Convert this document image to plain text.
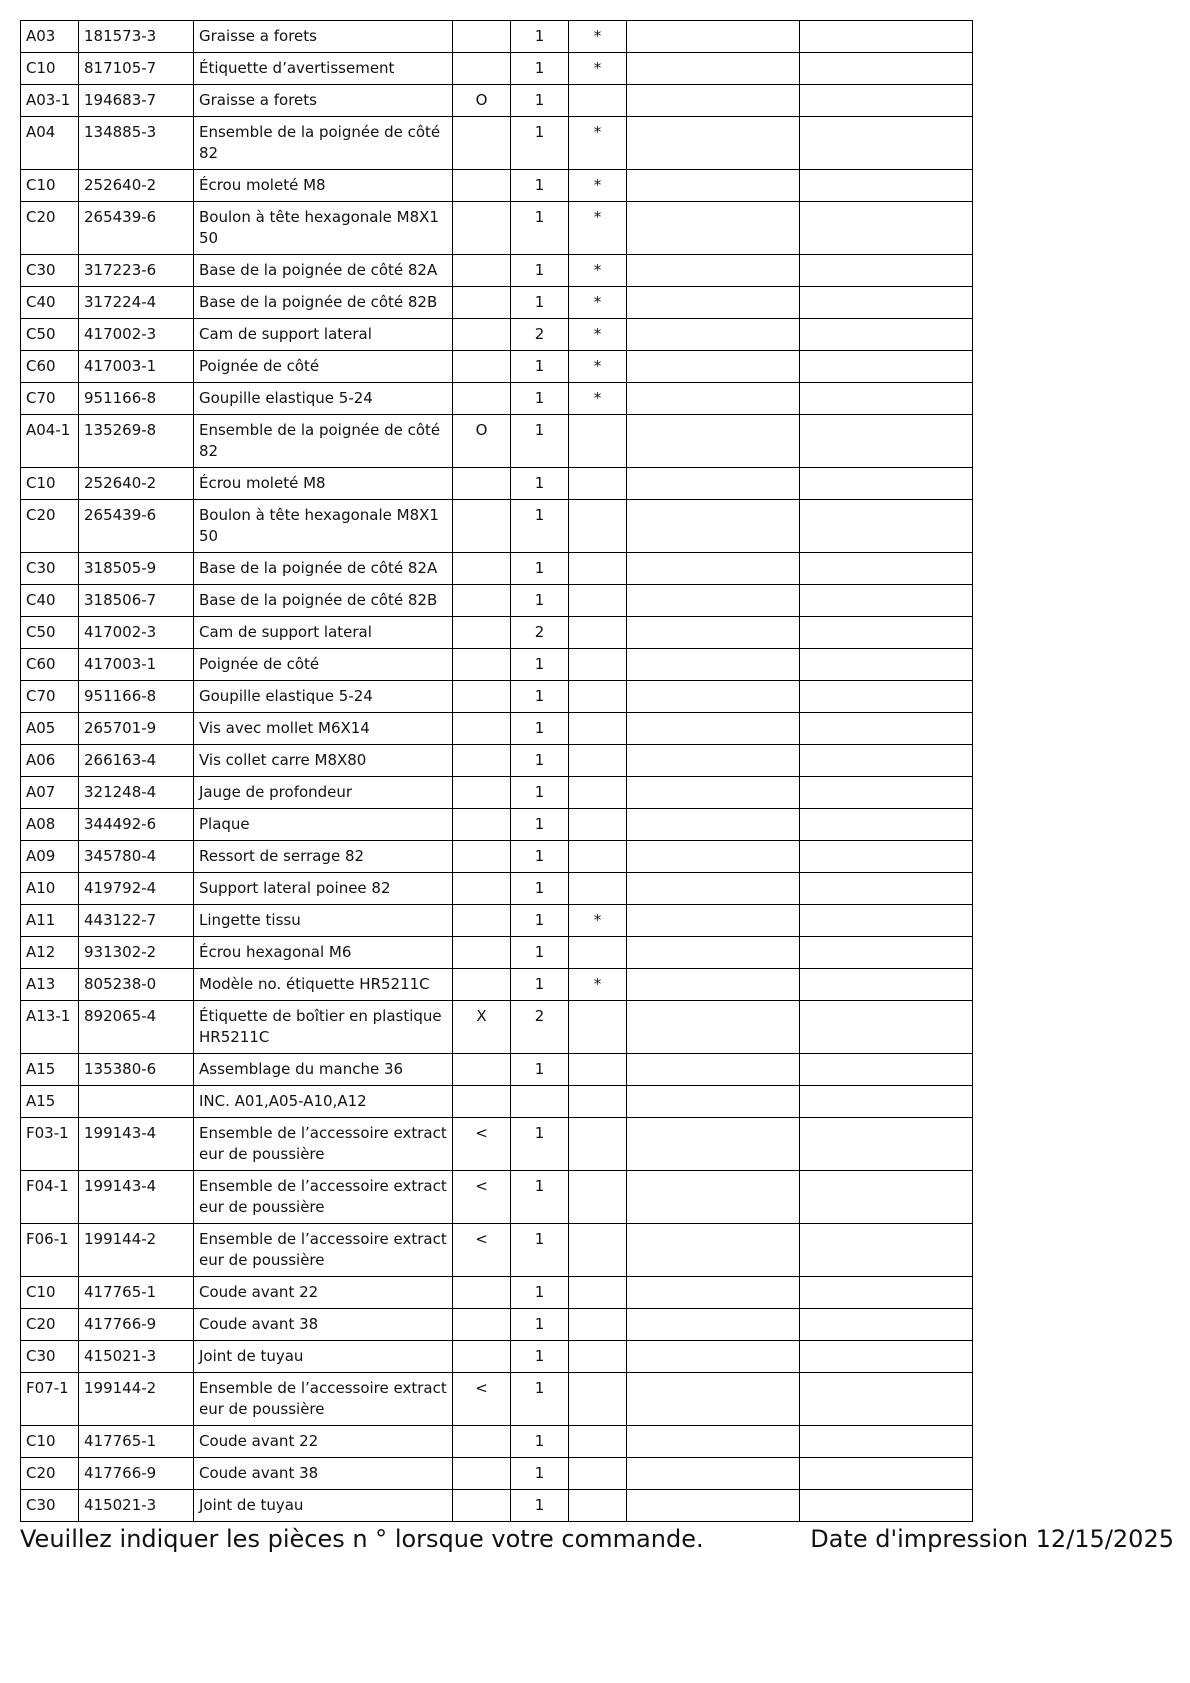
A03	181573-3	Graisse a forets		1	*		
C10	817105-7	Étiquette d’avertissement		1	*		
A03-1	194683-7	Graisse a forets	O	1			
A04	134885-3	Ensemble de la poignée de côté 82		1	*		
C10	252640-2	Écrou moleté M8		1	*		
C20	265439-6	Boulon à tête hexagonale M8X150		1	*		
C30	317223-6	Base de la poignée de côté 82A		1	*		
C40	317224-4	Base de la poignée de côté 82B		1	*		
C50	417002-3	Cam de support lateral		2	*		
C60	417003-1	Poignée de côté		1	*		
C70	951166-8	Goupille elastique 5-24		1	*		
A04-1	135269-8	Ensemble de la poignée de côté 82	O	1			
C10	252640-2	Écrou moleté M8		1			
C20	265439-6	Boulon à tête hexagonale M8X150		1			
C30	318505-9	Base de la poignée de côté 82A		1			
C40	318506-7	Base de la poignée de côté 82B		1			
C50	417002-3	Cam de support lateral		2			
C60	417003-1	Poignée de côté		1			
C70	951166-8	Goupille elastique 5-24		1			
A05	265701-9	Vis avec mollet M6X14		1			
A06	266163-4	Vis collet carre M8X80		1			
A07	321248-4	Jauge de profondeur		1			
A08	344492-6	Plaque		1			
A09	345780-4	Ressort de serrage 82		1			
A10	419792-4	Support lateral poinee 82		1			
A11	443122-7	Lingette tissu		1	*		
A12	931302-2	Écrou hexagonal M6		1			
A13	805238-0	Modèle no. étiquette HR5211C		1	*		
A13-1	892065-4	Étiquette de boîtier en plastique HR5211C	X	2			
A15	135380-6	Assemblage du manche 36		1			
A15		INC. A01,A05-A10,A12					
F03-1	199143-4	Ensemble de l’accessoire extracteur de poussière	<	1			
F04-1	199143-4	Ensemble de l’accessoire extracteur de poussière	<	1			
F06-1	199144-2	Ensemble de l’accessoire extracteur de poussière	<	1			
C10	417765-1	Coude avant 22		1			
C20	417766-9	Coude avant 38		1			
C30	415021-3	Joint de tuyau		1			
F07-1	199144-2	Ensemble de l’accessoire extracteur de poussière	<	1			
C10	417765-1	Coude avant 22		1			
C20	417766-9	Coude avant 38		1			
C30	415021-3	Joint de tuyau		1			
Veuillez indiquer les pièces n ° lorsque votre commande.	Date d'impression 12/15/2025
